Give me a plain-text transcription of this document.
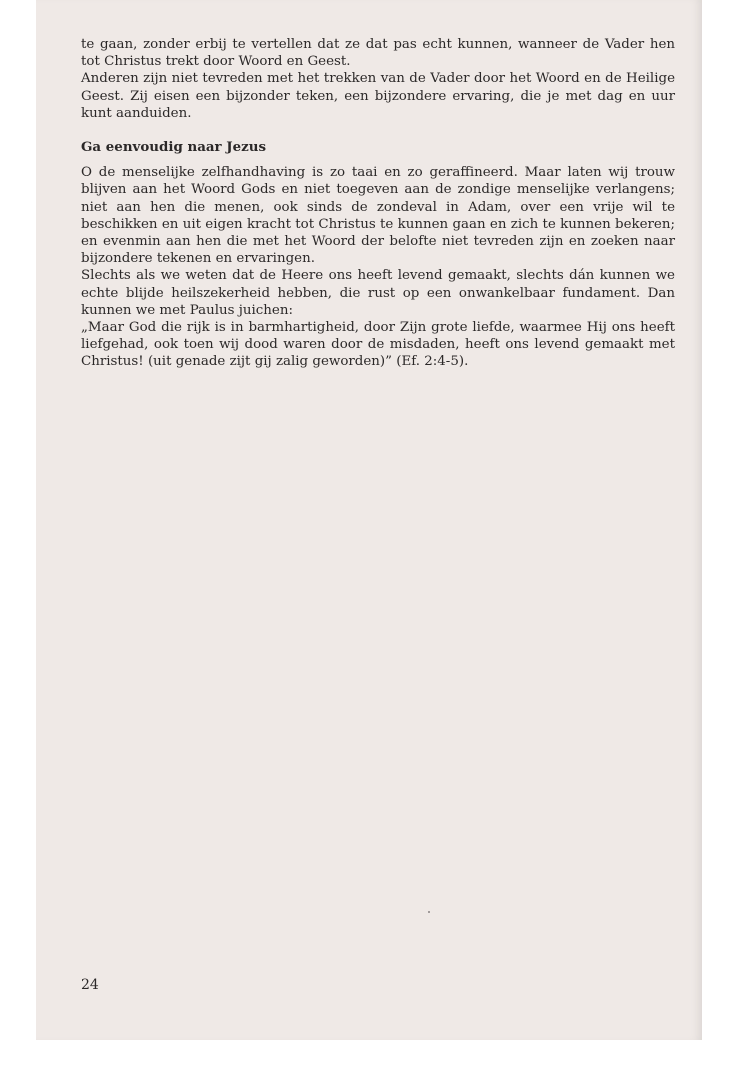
te gaan, zonder erbij te vertellen dat ze dat pas echt kunnen, wanneer de Vader hen tot Christus trekt door Woord en Geest.

Anderen zijn niet tevreden met het trekken van de Vader door het Woord en de Heilige Geest. Zij eisen een bijzonder teken, een bijzondere ervaring, die je met dag en uur kunt aanduiden.

Ga eenvoudig naar Jezus

O de menselijke zelfhandhaving is zo taai en zo geraffineerd. Maar laten wij trouw blijven aan het Woord Gods en niet toegeven aan de zondige menselijke verlangens; niet aan hen die menen, ook sinds de zondeval in Adam, over een vrije wil te beschikken en uit eigen kracht tot Christus te kunnen gaan en zich te kunnen bekeren; en evenmin aan hen die met het Woord der belofte niet tevreden zijn en zoeken naar bijzondere tekenen en ervaringen.

Slechts als we weten dat de Heere ons heeft levend gemaakt, slechts dán kunnen we echte blijde heilszekerheid hebben, die rust op een onwankelbaar fundament. Dan kunnen we met Paulus juichen:

„Maar God die rijk is in barmhartigheid, door Zijn grote liefde, waarmee Hij ons heeft liefgehad, ook toen wij dood waren door de misdaden, heeft ons levend gemaakt met Christus! (uit genade zijt gij zalig geworden)” (Ef. 2:4-5).

24
